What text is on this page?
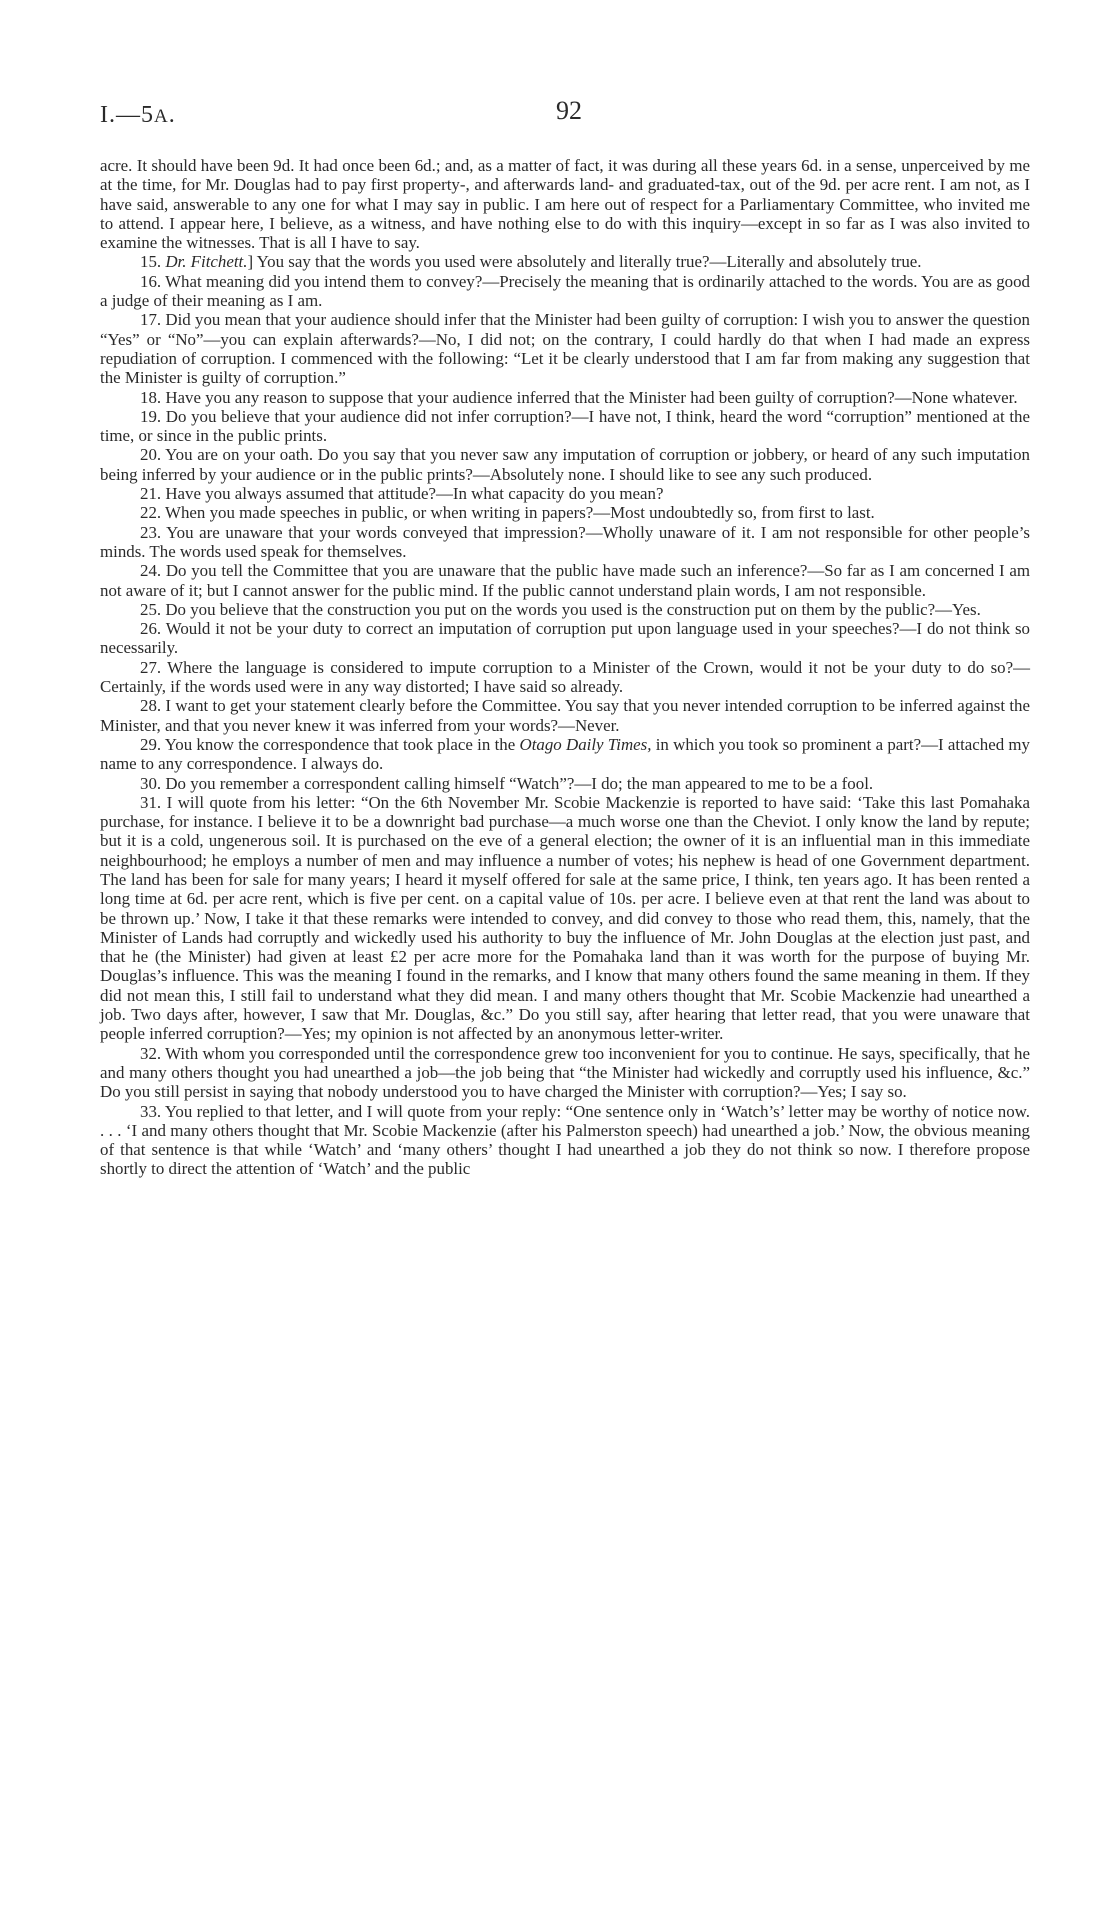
I.—5A.	92

acre. It should have been 9d. It had once been 6d.; and, as a matter of fact, it was during all these years 6d. in a sense, unperceived by me at the time, for Mr. Douglas had to pay first property-, and afterwards land- and graduated-tax, out of the 9d. per acre rent. I am not, as I have said, answerable to any one for what I may say in public. I am here out of respect for a Parliamentary Committee, who invited me to attend. I appear here, I believe, as a witness, and have nothing else to do with this inquiry—except in so far as I was also invited to examine the witnesses. That is all I have to say.

15. Dr. Fitchett.] You say that the words you used were absolutely and literally true?—Literally and absolutely true.

16. What meaning did you intend them to convey?—Precisely the meaning that is ordinarily attached to the words. You are as good a judge of their meaning as I am.

17. Did you mean that your audience should infer that the Minister had been guilty of corruption: I wish you to answer the question “Yes” or “No”—you can explain afterwards?—No, I did not; on the contrary, I could hardly do that when I had made an express repudiation of corruption. I commenced with the following: “Let it be clearly understood that I am far from making any suggestion that the Minister is guilty of corruption.”

18. Have you any reason to suppose that your audience inferred that the Minister had been guilty of corruption?—None whatever.

19. Do you believe that your audience did not infer corruption?—I have not, I think, heard the word “corruption” mentioned at the time, or since in the public prints.

20. You are on your oath. Do you say that you never saw any imputation of corruption or jobbery, or heard of any such imputation being inferred by your audience or in the public prints?—Absolutely none. I should like to see any such produced.

21. Have you always assumed that attitude?—In what capacity do you mean?

22. When you made speeches in public, or when writing in papers?—Most undoubtedly so, from first to last.

23. You are unaware that your words conveyed that impression?—Wholly unaware of it. I am not responsible for other people’s minds. The words used speak for themselves.

24. Do you tell the Committee that you are unaware that the public have made such an inference?—So far as I am concerned I am not aware of it; but I cannot answer for the public mind. If the public cannot understand plain words, I am not responsible.

25. Do you believe that the construction you put on the words you used is the construction put on them by the public?—Yes.

26. Would it not be your duty to correct an imputation of corruption put upon language used in your speeches?—I do not think so necessarily.

27. Where the language is considered to impute corruption to a Minister of the Crown, would it not be your duty to do so?—Certainly, if the words used were in any way distorted; I have said so already.

28. I want to get your statement clearly before the Committee. You say that you never intended corruption to be inferred against the Minister, and that you never knew it was inferred from your words?—Never.

29. You know the correspondence that took place in the Otago Daily Times, in which you took so prominent a part?—I attached my name to any correspondence. I always do.

30. Do you remember a correspondent calling himself “Watch”?—I do; the man appeared to me to be a fool.

31. I will quote from his letter: “On the 6th November Mr. Scobie Mackenzie is reported to have said: ‘Take this last Pomahaka purchase, for instance. I believe it to be a downright bad purchase—a much worse one than the Cheviot. I only know the land by repute; but it is a cold, ungenerous soil. It is purchased on the eve of a general election; the owner of it is an influential man in this immediate neighbourhood; he employs a number of men and may influence a number of votes; his nephew is head of one Government department. The land has been for sale for many years; I heard it myself offered for sale at the same price, I think, ten years ago. It has been rented a long time at 6d. per acre rent, which is five per cent. on a capital value of 10s. per acre. I believe even at that rent the land was about to be thrown up.’ Now, I take it that these remarks were intended to convey, and did convey to those who read them, this, namely, that the Minister of Lands had corruptly and wickedly used his authority to buy the influence of Mr. John Douglas at the election just past, and that he (the Minister) had given at least £2 per acre more for the Pomahaka land than it was worth for the purpose of buying Mr. Douglas’s influence. This was the meaning I found in the remarks, and I know that many others found the same meaning in them. If they did not mean this, I still fail to understand what they did mean. I and many others thought that Mr. Scobie Mackenzie had unearthed a job. Two days after, however, I saw that Mr. Douglas, &c.” Do you still say, after hearing that letter read, that you were unaware that people inferred corruption?—Yes; my opinion is not affected by an anonymous letter-writer.

32. With whom you corresponded until the correspondence grew too inconvenient for you to continue. He says, specifically, that he and many others thought you had unearthed a job—the job being that “the Minister had wickedly and corruptly used his influence, &c.” Do you still persist in saying that nobody understood you to have charged the Minister with corruption?—Yes; I say so.

33. You replied to that letter, and I will quote from your reply: “One sentence only in ‘Watch’s’ letter may be worthy of notice now. . . . ‘I and many others thought that Mr. Scobie Mackenzie (after his Palmerston speech) had unearthed a job.’ Now, the obvious meaning of that sentence is that while ‘Watch’ and ‘many others’ thought I had unearthed a job they do not think so now. I therefore propose shortly to direct the attention of ‘Watch’ and the public
